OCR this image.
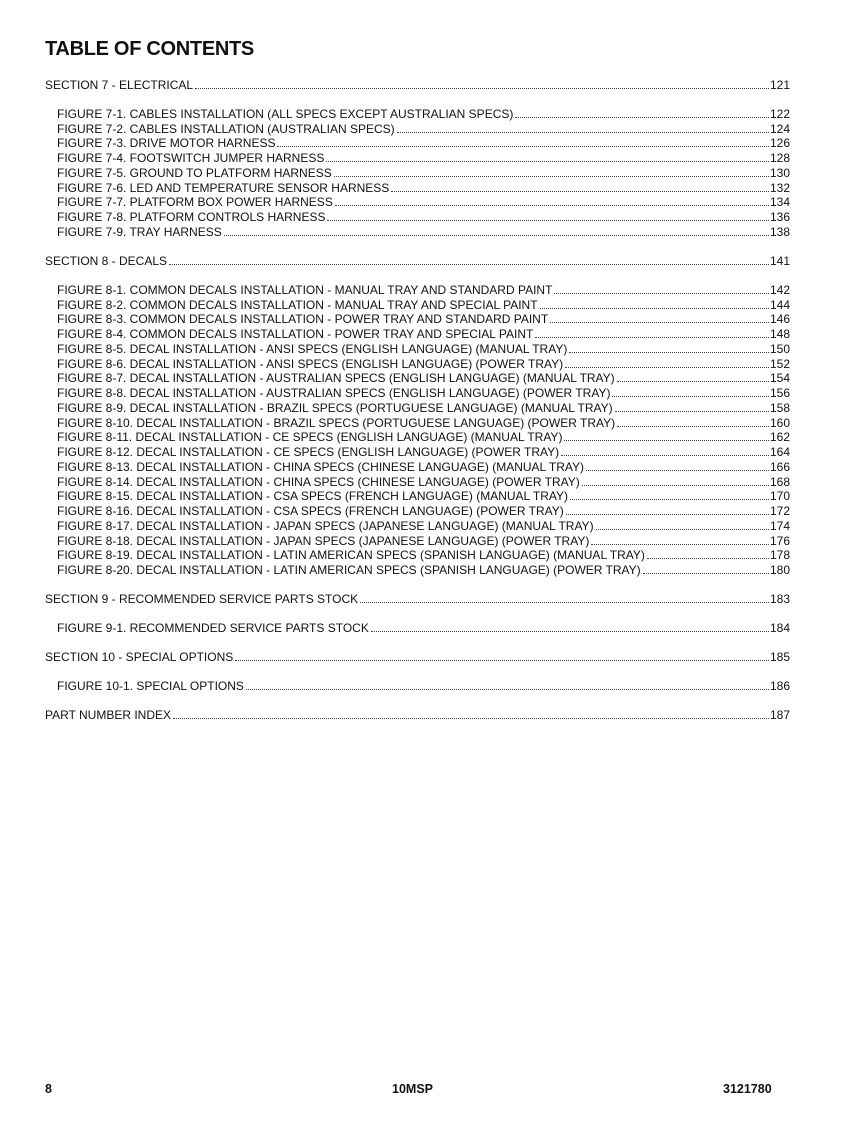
TABLE OF CONTENTS
SECTION 7 - ELECTRICAL	121
FIGURE 7-1. CABLES INSTALLATION (ALL SPECS EXCEPT AUSTRALIAN SPECS)	122
FIGURE 7-2. CABLES INSTALLATION (AUSTRALIAN SPECS)	124
FIGURE 7-3. DRIVE MOTOR HARNESS	126
FIGURE 7-4. FOOTSWITCH JUMPER HARNESS	128
FIGURE 7-5. GROUND TO PLATFORM HARNESS	130
FIGURE 7-6. LED AND TEMPERATURE SENSOR HARNESS	132
FIGURE 7-7. PLATFORM BOX POWER HARNESS	134
FIGURE 7-8. PLATFORM CONTROLS HARNESS	136
FIGURE 7-9. TRAY HARNESS	138
SECTION 8 - DECALS	141
FIGURE 8-1. COMMON DECALS INSTALLATION - MANUAL TRAY AND STANDARD PAINT	142
FIGURE 8-2. COMMON DECALS INSTALLATION - MANUAL TRAY AND SPECIAL PAINT	144
FIGURE 8-3. COMMON DECALS INSTALLATION - POWER TRAY AND STANDARD PAINT	146
FIGURE 8-4. COMMON DECALS INSTALLATION - POWER TRAY AND SPECIAL PAINT	148
FIGURE 8-5. DECAL INSTALLATION - ANSI SPECS (ENGLISH LANGUAGE) (MANUAL TRAY)	150
FIGURE 8-6. DECAL INSTALLATION - ANSI SPECS (ENGLISH LANGUAGE) (POWER TRAY)	152
FIGURE 8-7. DECAL INSTALLATION - AUSTRALIAN SPECS (ENGLISH LANGUAGE) (MANUAL TRAY)	154
FIGURE 8-8. DECAL INSTALLATION - AUSTRALIAN SPECS (ENGLISH LANGUAGE) (POWER TRAY)	156
FIGURE 8-9. DECAL INSTALLATION - BRAZIL SPECS (PORTUGUESE LANGUAGE) (MANUAL TRAY)	158
FIGURE 8-10. DECAL INSTALLATION - BRAZIL SPECS (PORTUGUESE LANGUAGE) (POWER TRAY)	160
FIGURE 8-11. DECAL INSTALLATION - CE SPECS (ENGLISH LANGUAGE) (MANUAL TRAY)	162
FIGURE 8-12. DECAL INSTALLATION - CE SPECS (ENGLISH LANGUAGE) (POWER TRAY)	164
FIGURE 8-13. DECAL INSTALLATION - CHINA SPECS (CHINESE LANGUAGE) (MANUAL TRAY)	166
FIGURE 8-14. DECAL INSTALLATION - CHINA SPECS (CHINESE LANGUAGE) (POWER TRAY)	168
FIGURE 8-15. DECAL INSTALLATION - CSA SPECS (FRENCH LANGUAGE) (MANUAL TRAY)	170
FIGURE 8-16. DECAL INSTALLATION - CSA SPECS (FRENCH LANGUAGE) (POWER TRAY)	172
FIGURE 8-17. DECAL INSTALLATION - JAPAN SPECS (JAPANESE LANGUAGE) (MANUAL TRAY)	174
FIGURE 8-18. DECAL INSTALLATION - JAPAN SPECS (JAPANESE LANGUAGE) (POWER TRAY)	176
FIGURE 8-19. DECAL INSTALLATION - LATIN AMERICAN SPECS (SPANISH LANGUAGE) (MANUAL TRAY)	178
FIGURE 8-20. DECAL INSTALLATION - LATIN AMERICAN SPECS (SPANISH LANGUAGE) (POWER TRAY)	180
SECTION 9 - RECOMMENDED SERVICE PARTS STOCK	183
FIGURE 9-1. RECOMMENDED SERVICE PARTS STOCK	184
SECTION 10 - SPECIAL OPTIONS	185
FIGURE 10-1. SPECIAL OPTIONS	186
PART NUMBER INDEX	187
8	10MSP	3121780
